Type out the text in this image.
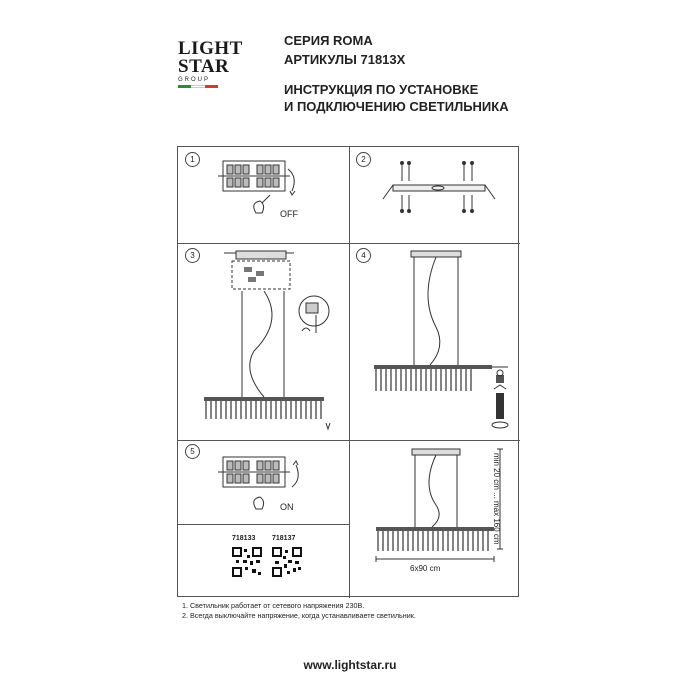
LIGHT
STAR
GROUP
СЕРИЯ ROMA
АРТИКУЛЫ 71813X
ИНСТРУКЦИЯ ПО УСТАНОВКЕ
И ПОДКЛЮЧЕНИЮ СВЕТИЛЬНИКА
1
OFF
2
3	4
5
ON
718133 718137	min 20 cm ... max 160 cm
6x90 cm
1. Светильник работает от сетевого напряжения 230В.
2. Всегда выключайте напряжение, когда устанавливаете светильник.
www.lightstar.ru
